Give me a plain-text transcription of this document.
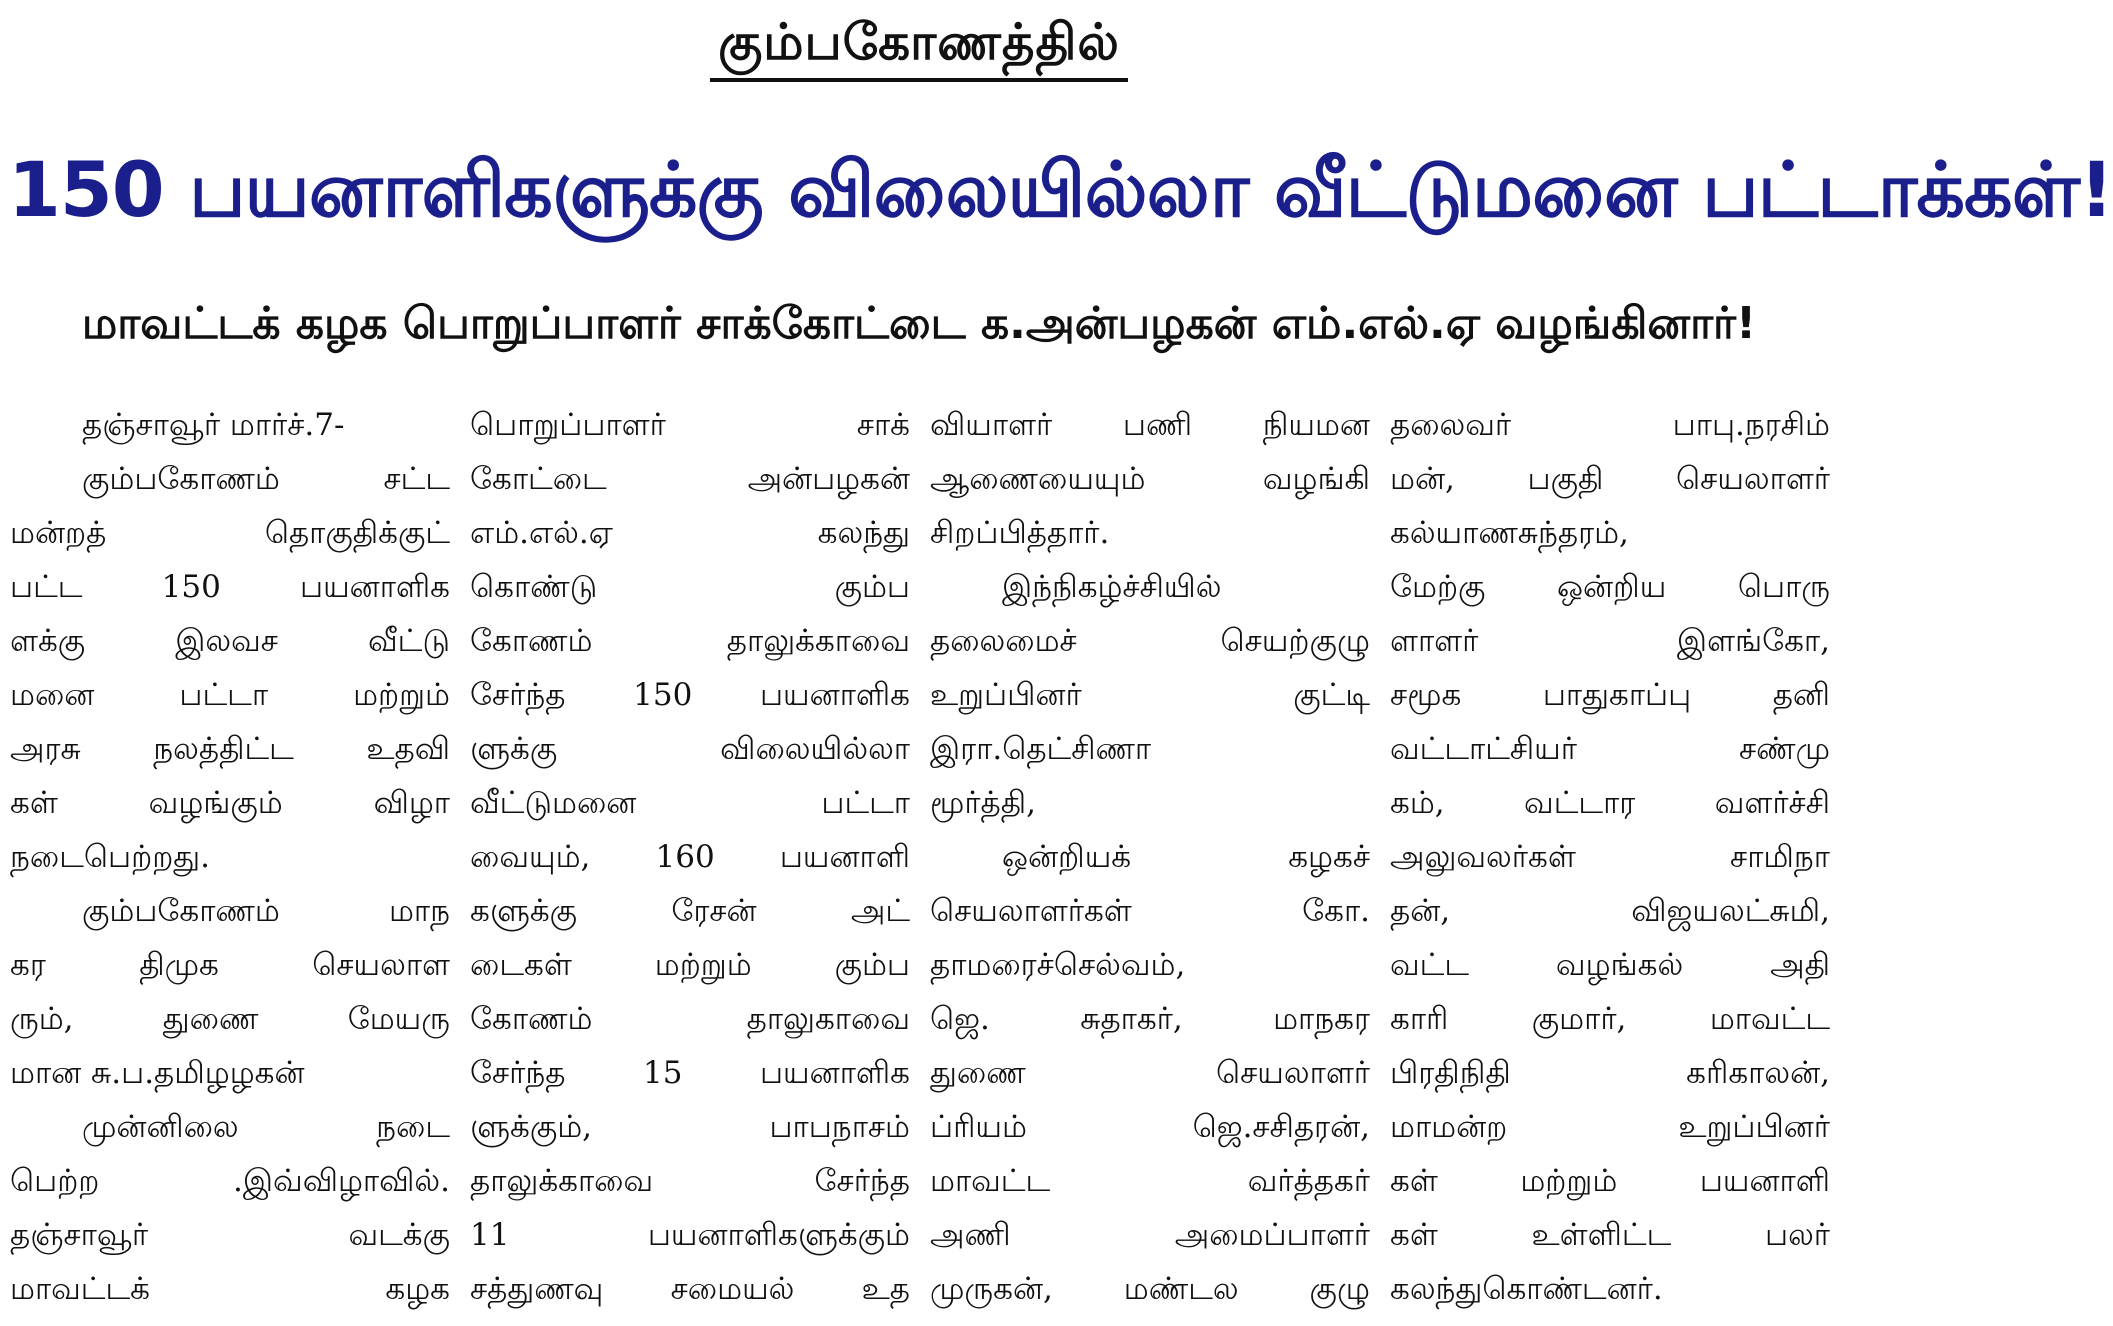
கும்பகோணத்தில்
150 பயனாளிகளுக்கு விலையில்லா வீட்டுமனை பட்டாக்கள்!
மாவட்டக் கழக பொறுப்பாளர் சாக்கோட்டை க.அன்பழகன் எம்.எல்.ஏ வழங்கினார்!
தஞ்சாவூர் மார்ச்.7-
கும்பகோணம் சட்ட
மன்றத் தொகுதிக்குட்
பட்ட 150 பயனாளிக
ளக்கு இலவச வீட்டு
மனை பட்டா மற்றும்
அரசு நலத்திட்ட உதவி
கள் வழங்கும் விழா
நடைபெற்றது.
கும்பகோணம் மாந
கர திமுக செயலாள
ரும், துணை மேயரு
மான சு.ப.தமிழழகன்
முன்னிலை நடை
பெற்ற .இவ்விழாவில்.
தஞ்சாவூர் வடக்கு
மாவட்டக் கழக
பொறுப்பாளர் சாக்
கோட்டை அன்பழகன்
எம்.எல்.ஏ கலந்து
கொண்டு கும்ப
கோணம் தாலுக்காவை
சேர்ந்த 150 பயனாளிக
ளுக்கு விலையில்லா
வீட்டுமனை பட்டா
வையும், 160 பயனாளி
களுக்கு ரேசன் அட்
டைகள் மற்றும் கும்ப
கோணம் தாலுகாவை
சேர்ந்த 15 பயனாளிக
ளுக்கும், பாபநாசம்
தாலுக்காவை சேர்ந்த
11 பயனாளிகளுக்கும்
சத்துணவு சமையல் உத
வியாளர் பணி நியமன
ஆணையையும் வழங்கி
சிறப்பித்தார்.
இந்நிகழ்ச்சியில்
தலைமைச் செயற்குழு
உறுப்பினர் குட்டி
இரா.தெட்சிணா
மூர்த்தி,
ஒன்றியக் கழகச்
செயலாளர்கள் கோ.
தாமரைச்செல்வம்,
ஜெ. சுதாகர், மாநகர
துணை செயலாளர்
ப்ரியம் ஜெ.சசிதரன்,
மாவட்ட வர்த்தகர்
அணி அமைப்பாளர்
முருகன், மண்டல குழு
தலைவர் பாபு.நரசிம்
மன், பகுதி செயலாளர்
கல்யாணசுந்தரம்,
மேற்கு ஒன்றிய பொரு
ளாளர் இளங்கோ,
சமூக பாதுகாப்பு தனி
வட்டாட்சியர் சண்மு
கம், வட்டார வளர்ச்சி
அலுவலர்கள் சாமிநா
தன், விஜயலட்சுமி,
வட்ட வழங்கல் அதி
காரி குமார், மாவட்ட
பிரதிநிதி கரிகாலன்,
மாமன்ற உறுப்பினர்
கள் மற்றும் பயனாளி
கள் உள்ளிட்ட பலர்
கலந்துகொண்டனர்.
